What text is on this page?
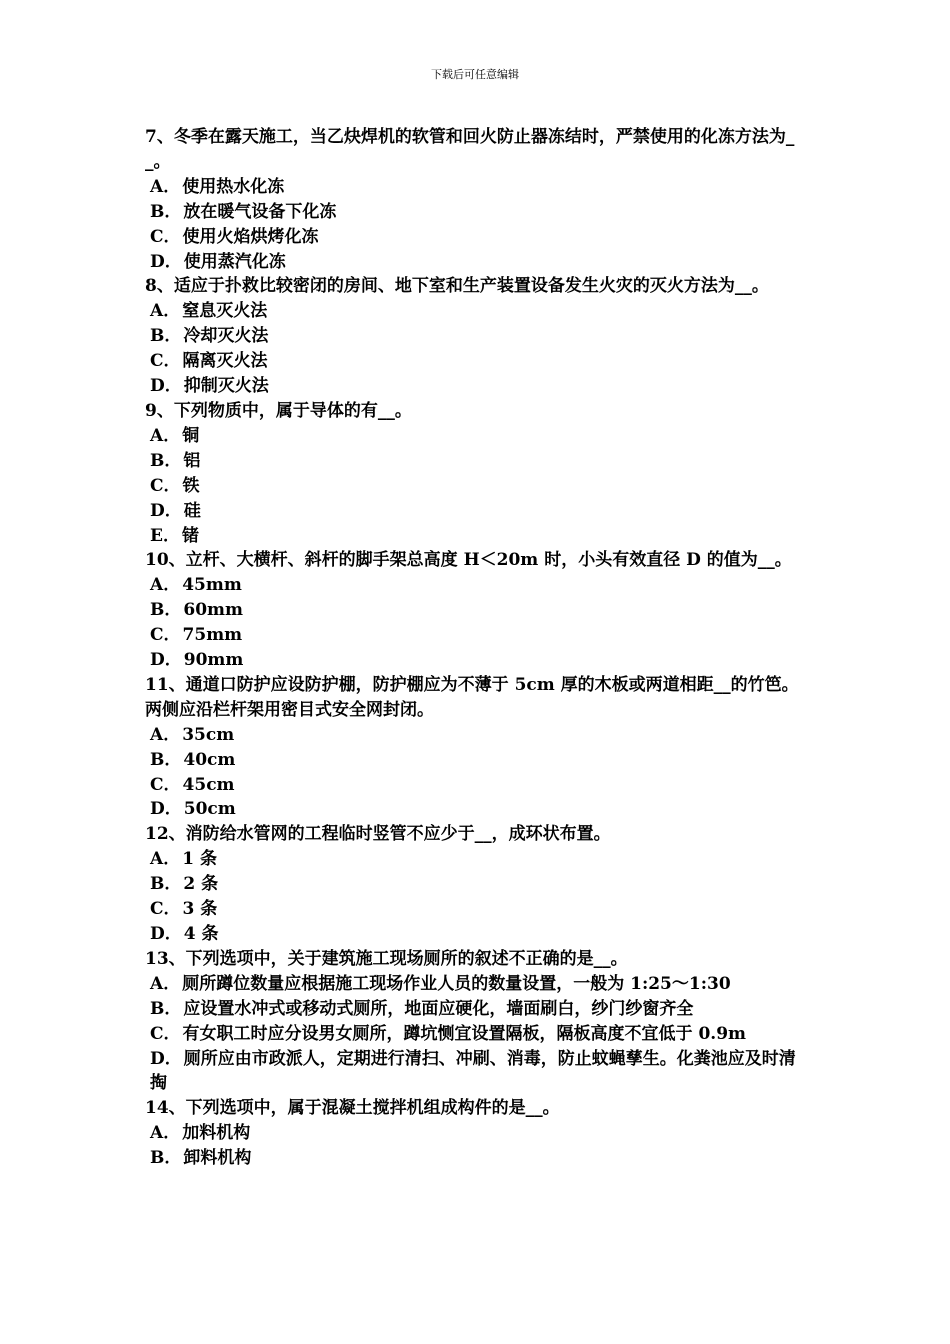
下载后可任意编辑
7、冬季在露天施工，当乙炔焊机的软管和回火防止器冻结时，严禁使用的化冻方法为__。
A． 使用热水化冻
B． 放在暖气设备下化冻
C． 使用火焰烘烤化冻
D． 使用蒸汽化冻
8、适应于扑救比较密闭的房间、地下室和生产装置设备发生火灾的灭火方法为__。
A． 窒息灭火法
B． 冷却灭火法
C． 隔离灭火法
D． 抑制灭火法
9、下列物质中，属于导体的有__。
A． 铜
B． 铝
C． 铁
D． 硅
E． 锗
10、立杆、大横杆、斜杆的脚手架总高度 H＜20m 时，小头有效直径 D 的值为__。
A． 45mm
B． 60mm
C． 75mm
D． 90mm
11、通道口防护应设防护棚，防护棚应为不薄于 5cm 厚的木板或两道相距__的竹笆。两侧应沿栏杆架用密目式安全网封闭。
A． 35cm
B． 40cm
C． 45cm
D． 50cm
12、消防给水管网的工程临时竖管不应少于__，成环状布置。
A． 1 条
B． 2 条
C． 3 条
D． 4 条
13、下列选项中，关于建筑施工现场厕所的叙述不正确的是__。
A． 厕所蹲位数量应根据施工现场作业人员的数量设置，一般为 1:25～1:30
B． 应设置水冲式或移动式厕所，地面应硬化，墙面刷白，纱门纱窗齐全
C． 有女职工时应分设男女厕所，蹲坑恻宜设置隔板，隔板高度不宜低于 0.9m
D． 厕所应由市政派人，定期进行清扫、冲刷、消毒，防止蚊蝇孳生。化粪池应及时清掏
14、下列选项中，属于混凝土搅拌机组成构件的是__。
A． 加料机构
B． 卸料机构
